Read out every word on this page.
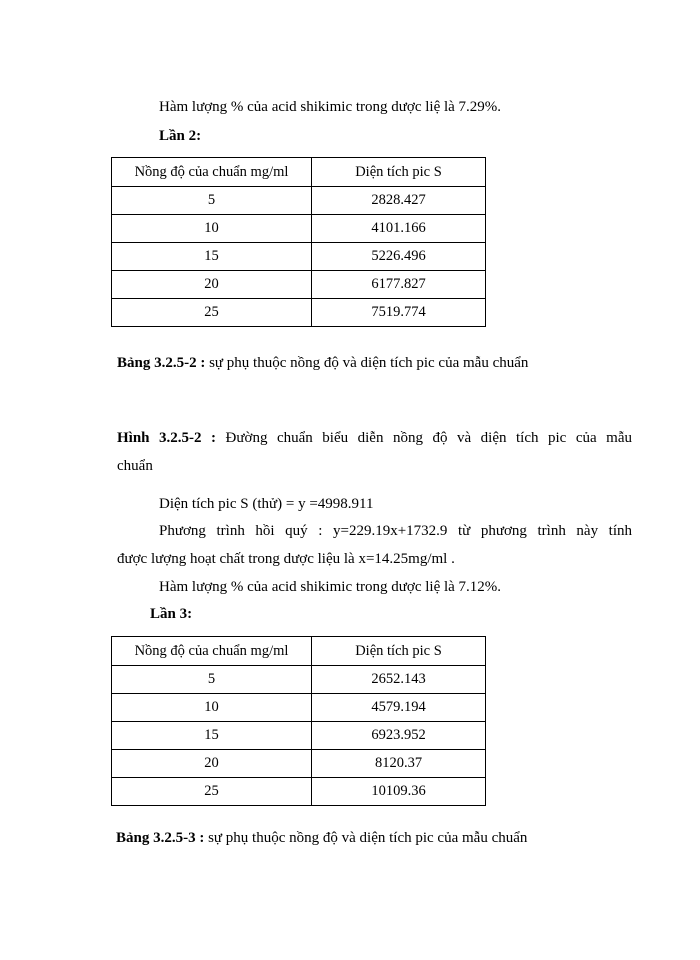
Hàm lượng % của acid shikimic trong dược liệ là 7.29%.
Lần 2:
Nồng độ của chuẩn mg/ml	Diện tích pic S
5	2828.427
10	4101.166
15	5226.496
20	6177.827
25	7519.774
Bảng 3.2.5-2 : sự phụ thuộc nồng độ và diện tích pic của mẫu chuẩn
Hình 3.2.5-2 : Đường chuẩn biểu diễn nồng độ và diện tích pic của mẫu
chuẩn
Diện tích pic S (thử) = y =4998.911
Phương trình hồi quý : y=229.19x+1732.9 từ phương trình này tính
được lượng hoạt chất trong dược liệu là x=14.25mg/ml .
Hàm lượng % của acid shikimic trong dược liệ là 7.12%.
Lần 3:
Nồng độ của chuẩn mg/ml	Diện tích pic S
5	2652.143
10	4579.194
15	6923.952
20	8120.37
25	10109.36
Bảng 3.2.5-3 : sự phụ thuộc nồng độ và diện tích pic của mẫu chuẩn
